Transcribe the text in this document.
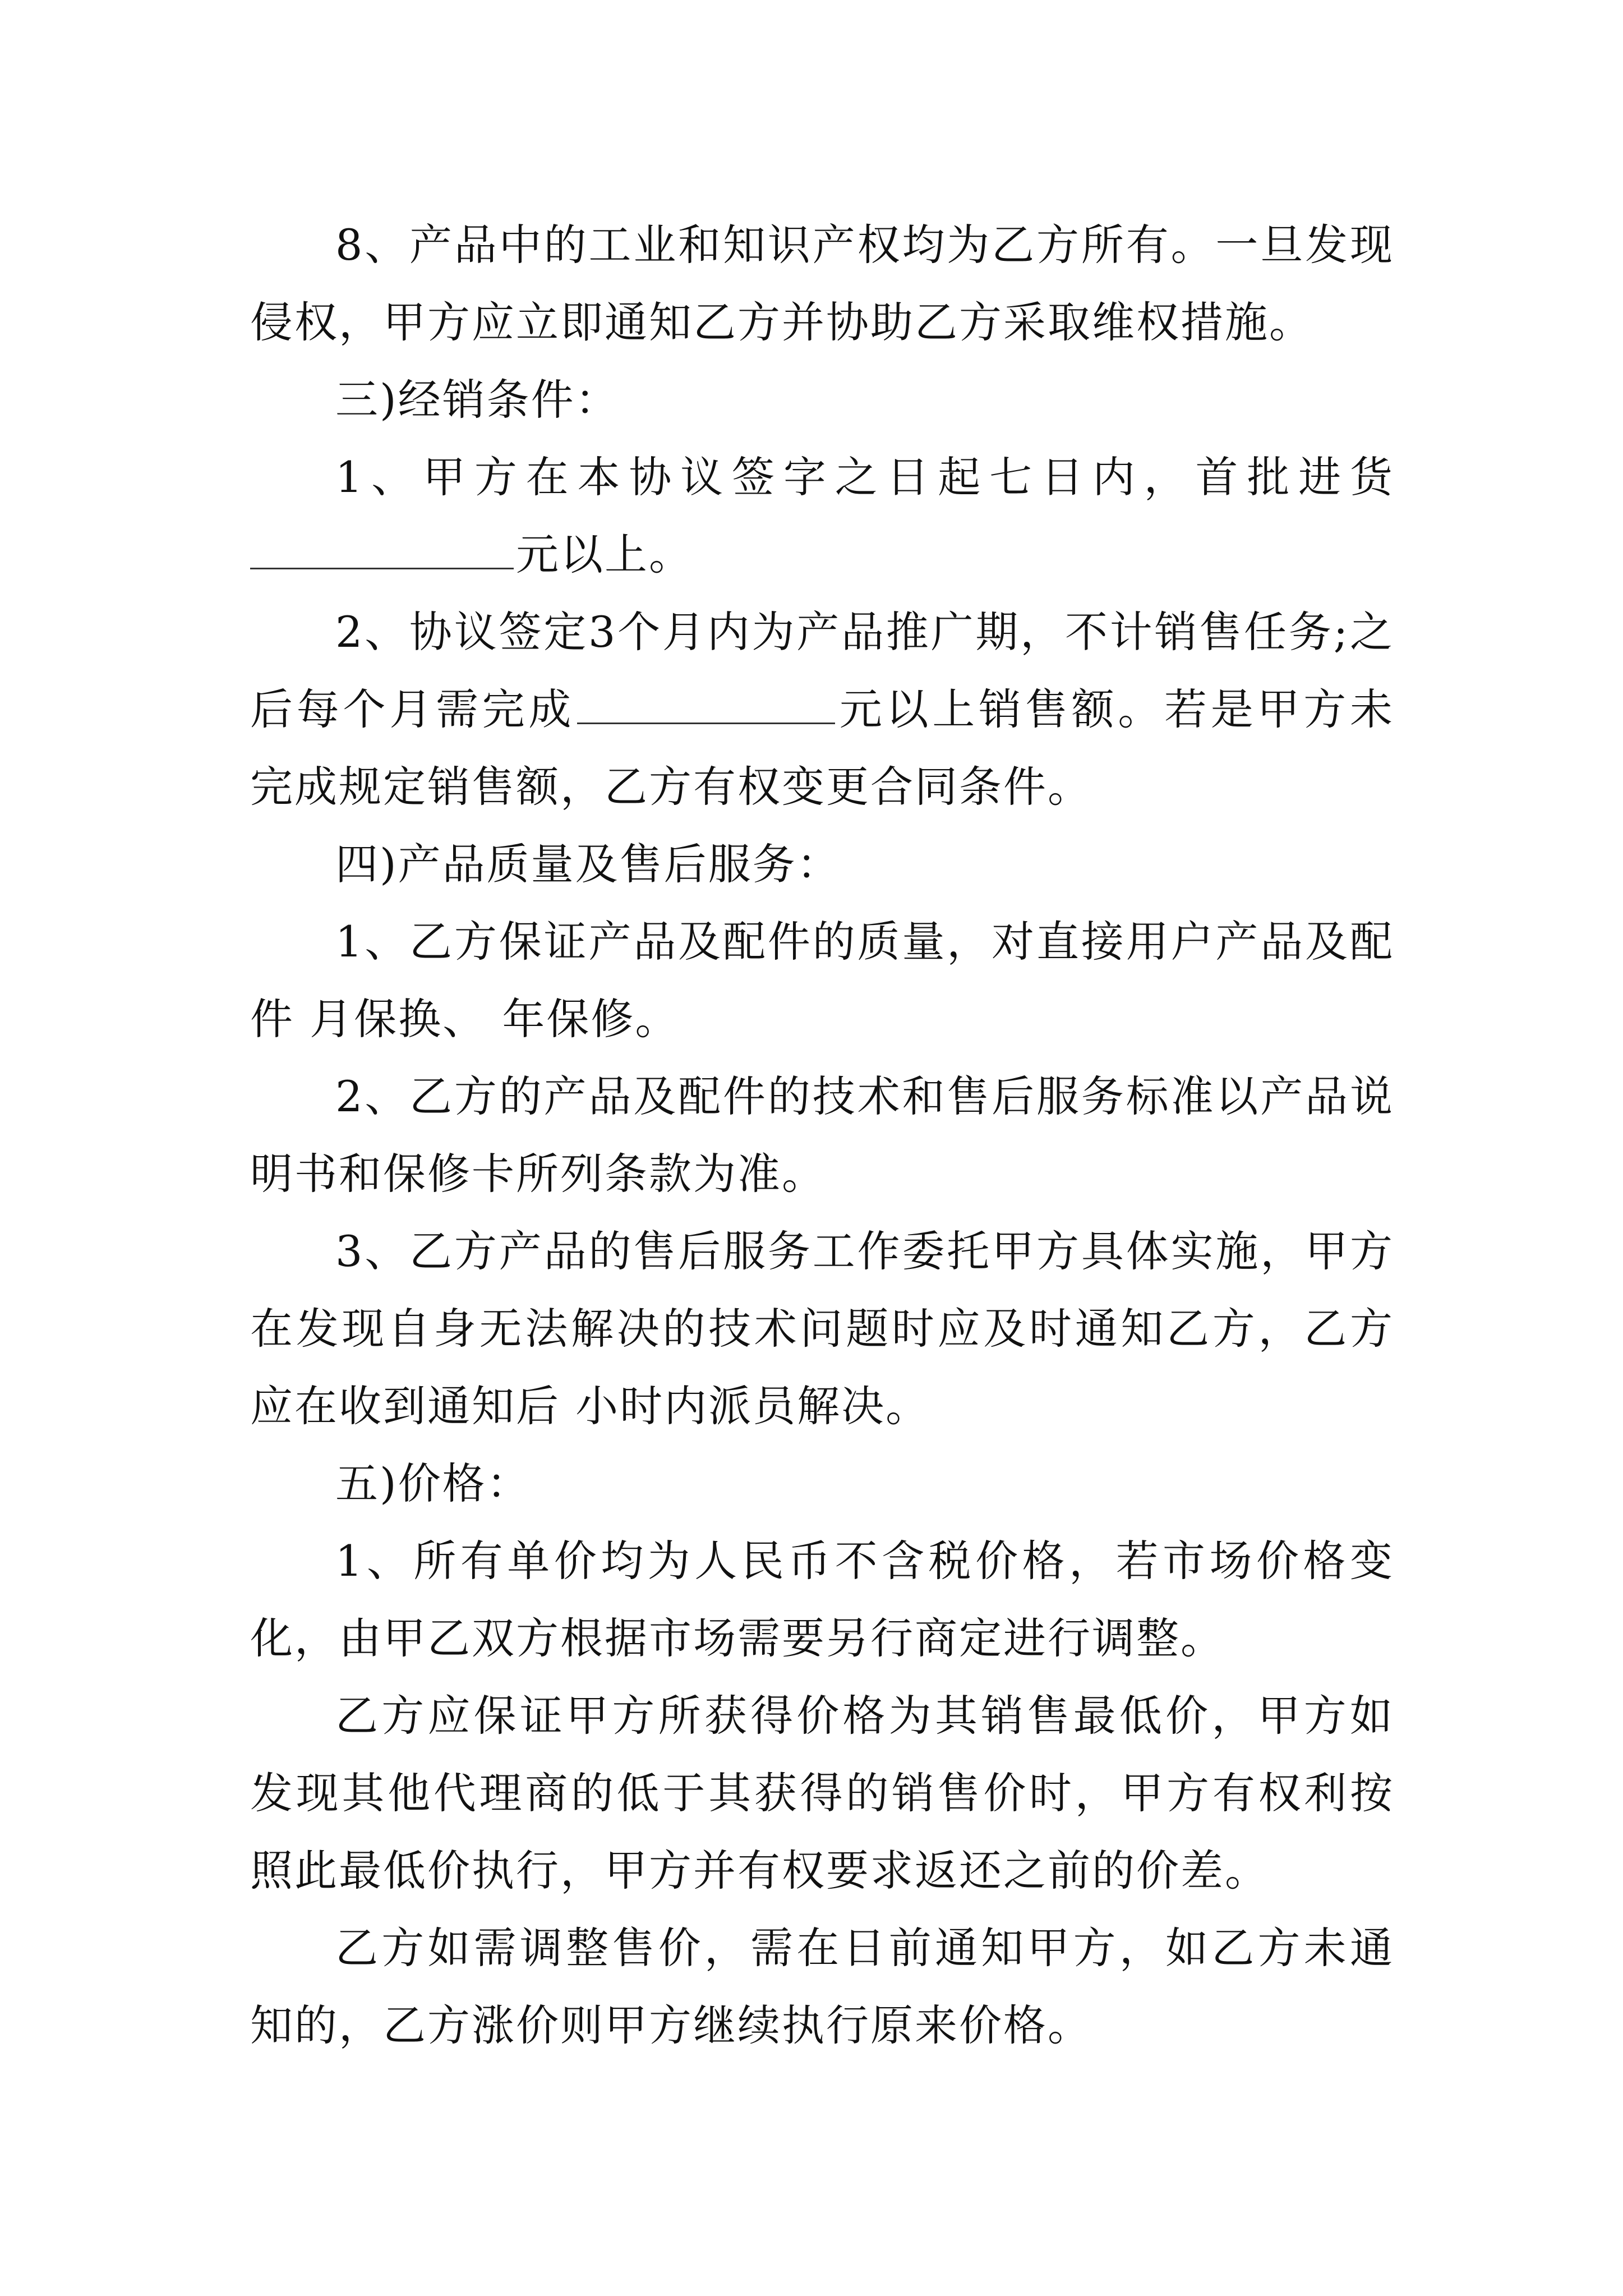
8、产品中的工业和知识产权均为乙方所有。一旦发现侵权，甲方应立即通知乙方并协助乙方采取维权措施。

三)经销条件：

1、甲方在本协议签字之日起七日内，首批进货

元以上。

2、协议签定3个月内为产品推广期，不计销售任务;之后每个月需完成	元以上销售额。若是甲方未完成规定销售额，乙方有权变更合同条件。

四)产品质量及售后服务：

1、乙方保证产品及配件的质量，对直接用户产品及配件 月保换、 年保修。

2、乙方的产品及配件的技术和售后服务标准以产品说明书和保修卡所列条款为准。

3、乙方产品的售后服务工作委托甲方具体实施，甲方在发现自身无法解决的技术问题时应及时通知乙方，乙方应在收到通知后 小时内派员解决。

五)价格：

1、所有单价均为人民币不含税价格，若市场价格变化，由甲乙双方根据市场需要另行商定进行调整。

乙方应保证甲方所获得价格为其销售最低价，甲方如发现其他代理商的低于其获得的销售价时，甲方有权利按照此最低价执行，甲方并有权要求返还之前的价差。

乙方如需调整售价，需在日前通知甲方，如乙方未通知的，乙方涨价则甲方继续执行原来价格。
